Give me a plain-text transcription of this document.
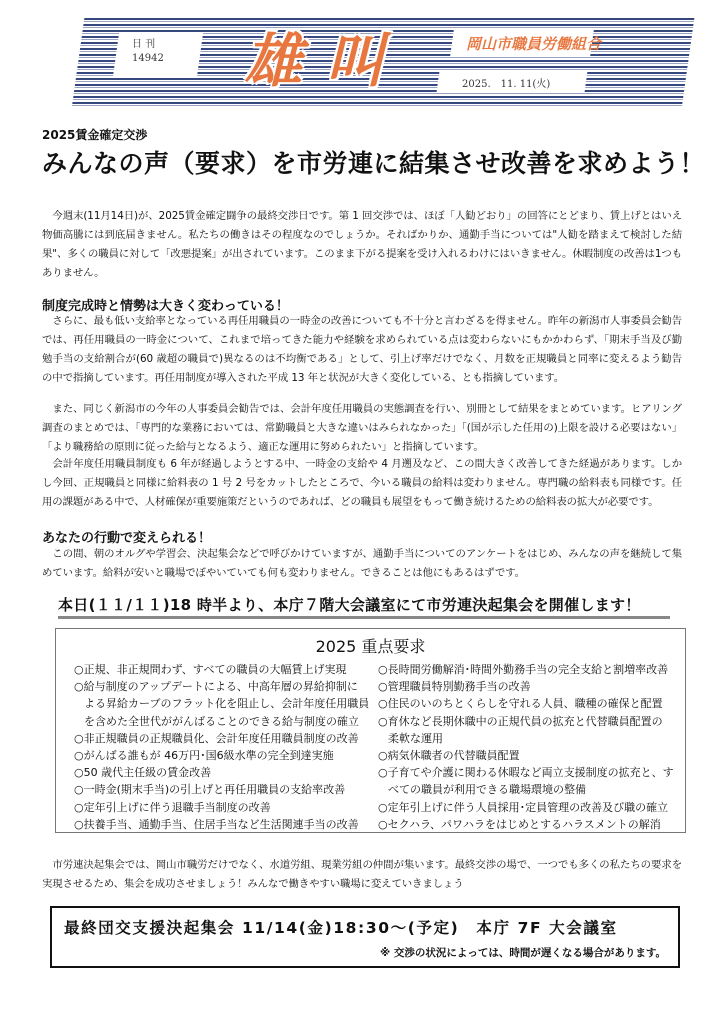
日 刊
14942 雄叫	岡山市職員労働組合
2025.　11. 11(火)
2025賃金確定交渉
みんなの声（要求）を市労連に結集させ改善を求めよう！

今週末(11月14日)が、2025賃金確定闘争の最終交渉日です。第 1 回交渉では、ほぼ「人勧どおり」の回答にとどまり、賃上げとはいえ物価高騰には到底届きません。私たちの働きはその程度なのでしょうか。そればかりか、通勤手当については"人勧を踏まえて検討した結果"、多くの職員に対して「改悪提案」が出されています。このまま下がる提案を受け入れるわけにはいきません。休暇制度の改善は1つもありません。

制度完成時と情勢は大きく変わっている！

さらに、最も低い支給率となっている再任用職員の一時金の改善についても不十分と言わざるを得ません。昨年の新潟市人事委員会勧告では、再任用職員の一時金について、これまで培ってきた能力や経験を求められている点は変わらないにもかかわらず、「期末手当及び勤勉手当の支給割合が(60 歳超の職員で)異なるのは不均衡である」として、引上げ率だけでなく、月数を正規職員と同率に変えるよう勧告の中で指摘しています。再任用制度が導入された平成 13 年と状況が大きく変化している、とも指摘しています。

また、同じく新潟市の今年の人事委員会勧告では、会計年度任用職員の実態調査を行い、別冊として結果をまとめています。ヒアリング調査のまとめでは、「専門的な業務においては、常勤職員と大きな違いはみられなかった」「(国が示した任用の)上限を設ける必要はない」「より職務給の原則に従った給与となるよう、適正な運用に努められたい」と指摘しています。

会計年度任用職員制度も 6 年が経過しようとする中、一時金の支給や 4 月遡及など、この間大きく改善してきた経過があります。しかし今回、正規職員と同様に給料表の 1 号 2 号をカットしたところで、今いる職員の給料は変わりません。専門職の給料表も同様です。任用の課題がある中で、人材確保が重要施策だというのであれば、どの職員も展望をもって働き続けるための給料表の拡大が必要です。

あなたの行動で変えられる！

この間、朝のオルグや学習会、決起集会などで呼びかけていますが、通勤手当についてのアンケートをはじめ、みんなの声を継続して集めています。給料が安いと職場でぼやいていても何も変わりません。できることは他にもあるはずです。

本日(１１/１１)18 時半より、本庁７階大会議室にて市労連決起集会を開催します！
2025 重点要求
○正規、非正規問わず、すべての職員の大幅賃上げ実現
○給与制度のアップデートによる、中高年層の昇給抑制に
よる昇給カーブのフラット化を阻止し、会計年度任用職員
を含めた全世代ががんばることのできる給与制度の確立
○非正規職員の正規職員化、会計年度任用職員制度の改善
○がんばる誰もが 46万円･国6級水準の完全到達実施
○50 歳代主任級の賃金改善
○一時金(期末手当)の引上げと再任用職員の支給率改善
○定年引上げに伴う退職手当制度の改善
○扶養手当、通勤手当、住居手当など生活関連手当の改善
○長時間労働解消･時間外勤務手当の完全支給と割増率改善
○管理職員特別勤務手当の改善
○住民のいのちとくらしを守れる人員、職種の確保と配置
○育休など長期休職中の正規代員の拡充と代替職員配置の
柔軟な運用
○病気休職者の代替職員配置
○子育てや介護に関わる休暇など両立支援制度の拡充と、す
べての職員が利用できる職場環境の整備
○定年引上げに伴う人員採用･定員管理の改善及び職の確立
○セクハラ、パワハラをはじめとするハラスメントの解消

市労連決起集会では、岡山市職労だけでなく、水道労組、現業労組の仲間が集います。最終交渉の場で、一つでも多くの私たちの要求を実現させるため、集会を成功させましょう！みんなで働きやすい職場に変えていきましょう

最終団交支援決起集会 11/14(金)18:30～(予定)　本庁 7F 大会議室
※ 交渉の状況によっては、時間が遅くなる場合があります。
